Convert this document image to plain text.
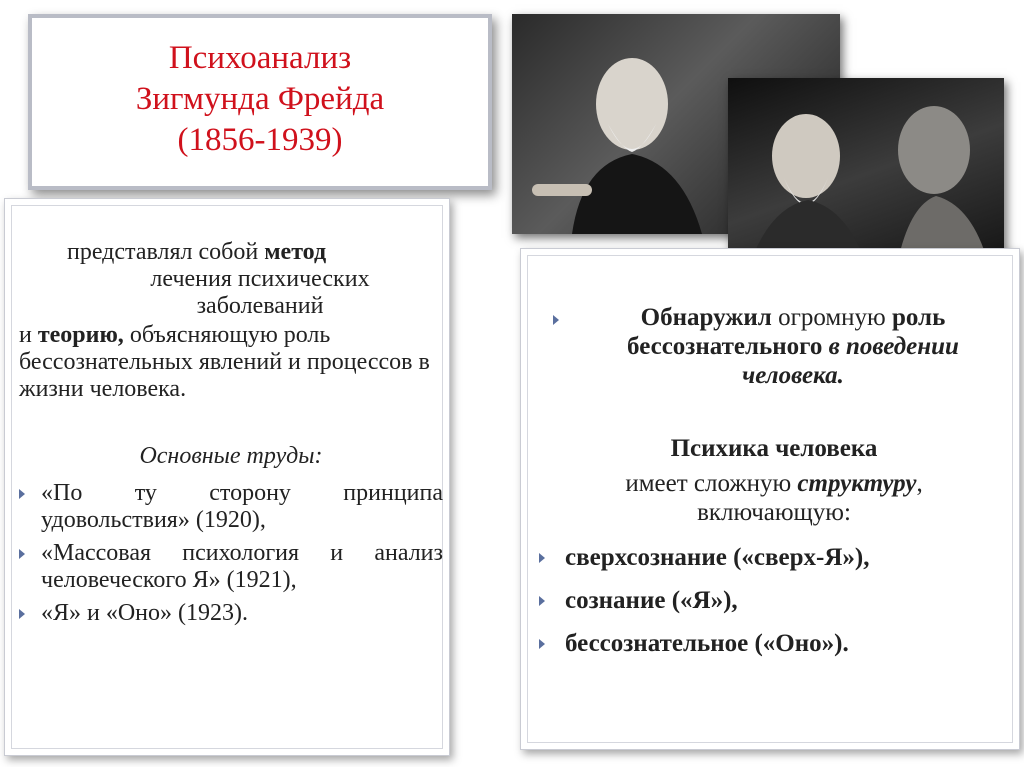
Психоанализ
Зигмунда Фрейда
(1856-1939)

представлял собой метод

лечения психических заболеваний

и теорию, объясняющую роль бессознательных явлений и процессов в жизни человека.

Основные труды:
«По ту сторону принципа удовольствия» (1920),
«Массовая психология и анализ человеческого Я» (1921),
«Я» и «Оно» (1923).
Обнаружил огромную роль бессознательного в поведении человека.
Психика человека
имеет сложную структуру, включающую:
сверхсознание («сверх-Я»),
сознание («Я»),
бессознательное («Оно»).
